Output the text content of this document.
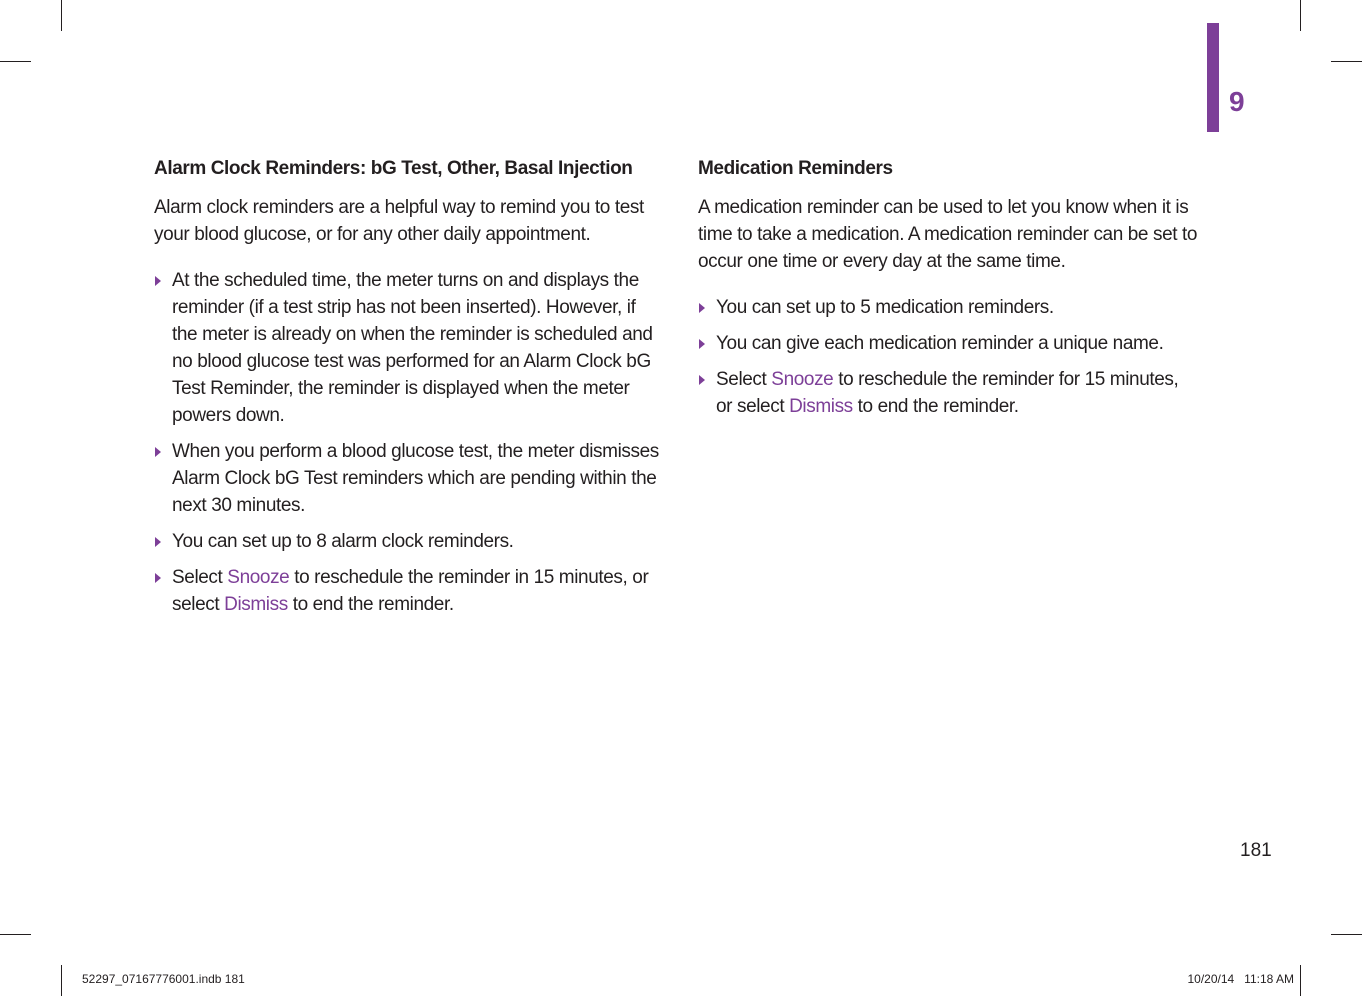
9
Alarm Clock Reminders: bG Test, Other, Basal Injection

Alarm clock reminders are a helpful way to remind you to test your blood glucose, or for any other daily appointment.

At the scheduled time, the meter turns on and displays the reminder (if a test strip has not been inserted). However, if the meter is already on when the reminder is scheduled and no blood glucose test was performed for an Alarm Clock bG Test Reminder, the reminder is displayed when the meter powers down.
When you perform a blood glucose test, the meter dismisses Alarm Clock bG Test reminders which are pending within the next 30 minutes.
You can set up to 8 alarm clock reminders.
Select Snooze to reschedule the reminder in 15 minutes, or select Dismiss to end the reminder.
Medication Reminders

A medication reminder can be used to let you know when it is time to take a medication. A medication reminder can be set to occur one time or every day at the same time.

You can set up to 5 medication reminders.
You can give each medication reminder a unique name.
Select Snooze to reschedule the reminder for 15 minutes, or select Dismiss to end the reminder.
181
52297_07167776001.indb 181	10/20/14   11:18 AM
